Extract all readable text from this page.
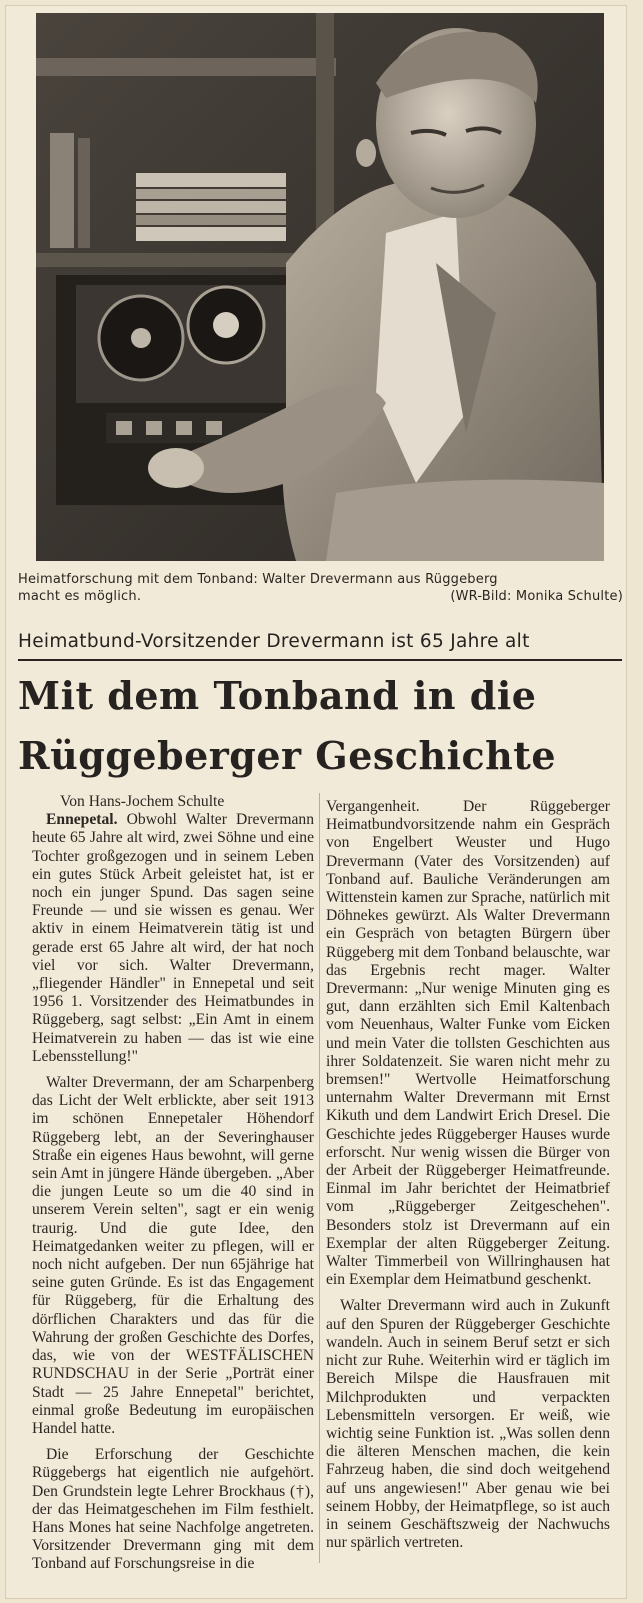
Heimatforschung mit dem Tonband: Walter Drevermann aus Rüggeberg
macht es möglich.	(WR-Bild: Monika Schulte)
Heimatbund-Vorsitzender Drevermann ist 65 Jahre alt
Mit dem Tonband in die
Rüggeberger Geschichte

Von Hans-Jochem Schulte

Ennepetal. Obwohl Walter Drevermann heute 65 Jahre alt wird, zwei Söhne und eine Tochter großgezogen und in seinem Leben ein gutes Stück Arbeit geleistet hat, ist er noch ein junger Spund. Das sagen seine Freunde — und sie wissen es genau. Wer aktiv in einem Heimatverein tätig ist und gerade erst 65 Jahre alt wird, der hat noch viel vor sich. Walter Drevermann, „fliegender Händler" in Ennepetal und seit 1956 1. Vorsitzender des Heimatbundes in Rüggeberg, sagt selbst: „Ein Amt in einem Heimatverein zu haben — das ist wie eine Lebensstellung!"

Walter Drevermann, der am Scharpenberg das Licht der Welt erblickte, aber seit 1913 im schönen Ennepetaler Höhendorf Rüggeberg lebt, an der Severinghauser Straße ein eigenes Haus bewohnt, will gerne sein Amt in jüngere Hände übergeben. „Aber die jungen Leute so um die 40 sind in unserem Verein selten", sagt er ein wenig traurig. Und die gute Idee, den Heimatgedanken weiter zu pflegen, will er noch nicht aufgeben. Der nun 65jährige hat seine guten Gründe. Es ist das Engagement für Rüggeberg, für die Erhaltung des dörflichen Charakters und das für die Wahrung der großen Geschichte des Dorfes, das, wie von der WESTFÄLISCHEN RUNDSCHAU in der Serie „Porträt einer Stadt — 25 Jahre Ennepetal" berichtet, einmal große Bedeutung im europäischen Handel hatte.

Die Erforschung der Geschichte Rüggebergs hat eigentlich nie aufgehört. Den Grundstein legte Lehrer Brockhaus (†), der das Heimatgeschehen im Film festhielt. Hans Mones hat seine Nachfolge angetreten. Vorsitzender Drevermann ging mit dem Tonband auf Forschungsreise in die

Vergangenheit. Der Rüggeberger Heimatbundvorsitzende nahm ein Gespräch von Engelbert Weuster und Hugo Drevermann (Vater des Vorsitzenden) auf Tonband auf. Bauliche Veränderungen am Wittenstein kamen zur Sprache, natürlich mit Döhnekes gewürzt. Als Walter Drevermann ein Gespräch von betagten Bürgern über Rüggeberg mit dem Tonband belauschte, war das Ergebnis recht mager. Walter Drevermann: „Nur wenige Minuten ging es gut, dann erzählten sich Emil Kaltenbach vom Neuenhaus, Walter Funke vom Eicken und mein Vater die tollsten Geschichten aus ihrer Soldatenzeit. Sie waren nicht mehr zu bremsen!" Wertvolle Heimatforschung unternahm Walter Drevermann mit Ernst Kikuth und dem Landwirt Erich Dresel. Die Geschichte jedes Rüggeberger Hauses wurde erforscht. Nur wenig wissen die Bürger von der Arbeit der Rüggeberger Heimatfreunde. Einmal im Jahr berichtet der Heimatbrief vom „Rüggeberger Zeitgeschehen". Besonders stolz ist Drevermann auf ein Exemplar der alten Rüggeberger Zeitung. Walter Timmerbeil von Willringhausen hat ein Exemplar dem Heimatbund geschenkt.

Walter Drevermann wird auch in Zukunft auf den Spuren der Rüggeberger Geschichte wandeln. Auch in seinem Beruf setzt er sich nicht zur Ruhe. Weiterhin wird er täglich im Bereich Milspe die Hausfrauen mit Milchprodukten und verpackten Lebensmitteln versorgen. Er weiß, wie wichtig seine Funktion ist. „Was sollen denn die älteren Menschen machen, die kein Fahrzeug haben, die sind doch weitgehend auf uns angewiesen!" Aber genau wie bei seinem Hobby, der Heimatpflege, so ist auch in seinem Geschäftszweig der Nachwuchs nur spärlich vertreten.
